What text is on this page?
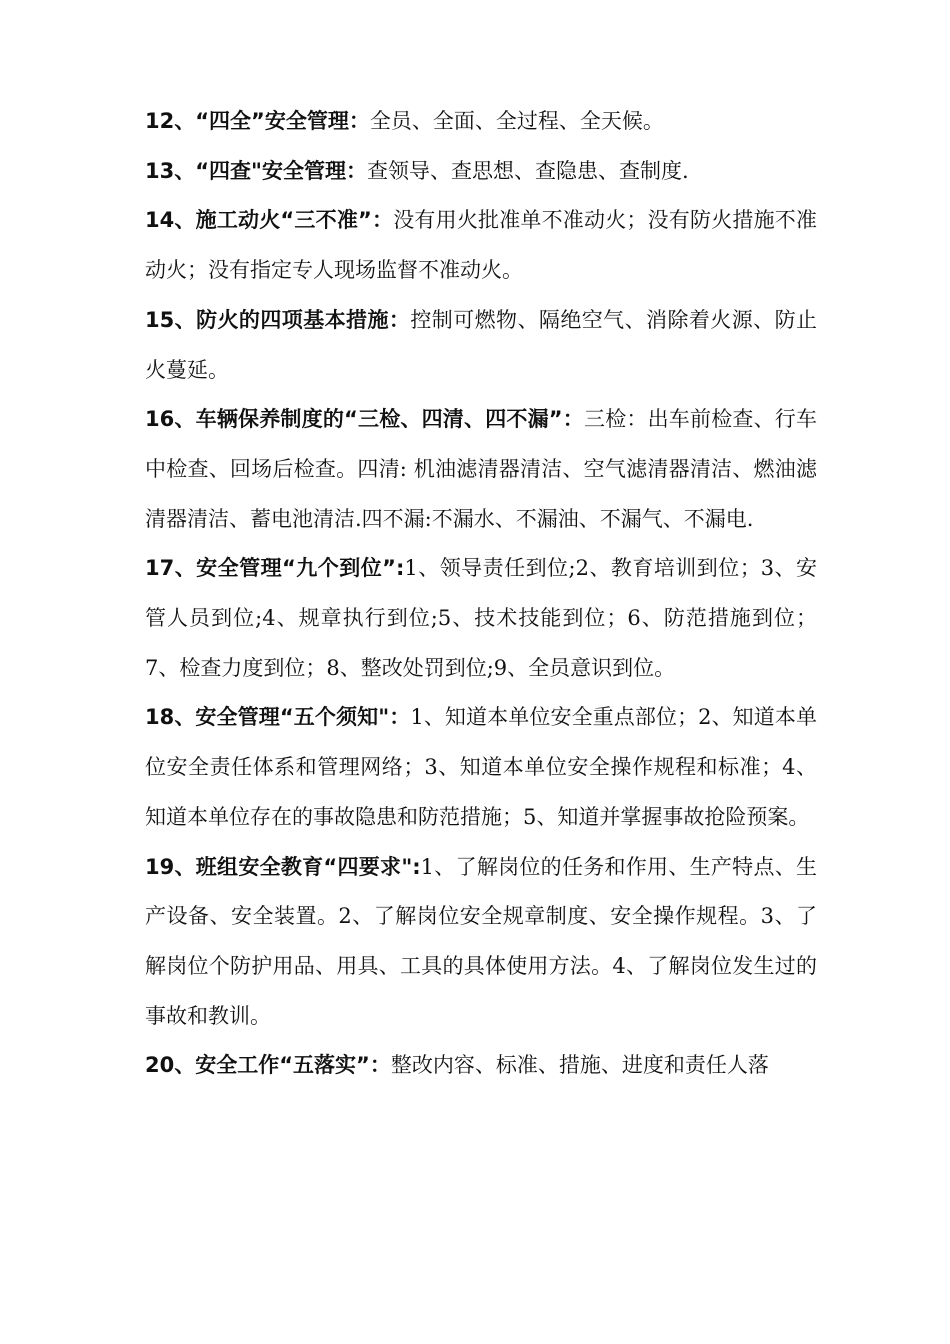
12、“四全”安全管理：全员、全面、全过程、全天候。

13、“四查"安全管理：查领导、查思想、查隐患、查制度.

14、施工动火“三不准”：没有用火批准单不准动火；没有防火措施不准动火；没有指定专人现场监督不准动火。

15、防火的四项基本措施：控制可燃物、隔绝空气、消除着火源、防止火蔓延。

16、车辆保养制度的“三检、四清、四不漏”：三检：出车前检查、行车中检查、回场后检查。四清: 机油滤清器清洁、空气滤清器清洁、燃油滤清器清洁、蓄电池清洁.四不漏:不漏水、不漏油、不漏气、不漏电.

17、安全管理“九个到位”:1、领导责任到位;2、教育培训到位；3、安管人员到位;4、规章执行到位;5、技术技能到位；6、防范措施到位；7、检查力度到位；8、整改处罚到位;9、全员意识到位。

18、安全管理“五个须知"：1、知道本单位安全重点部位；2、知道本单位安全责任体系和管理网络；3、知道本单位安全操作规程和标准；4、知道本单位存在的事故隐患和防范措施；5、知道并掌握事故抢险预案。

19、班组安全教育“四要求":1、了解岗位的任务和作用、生产特点、生产设备、安全装置。2、了解岗位安全规章制度、安全操作规程。3、了解岗位个防护用品、用具、工具的具体使用方法。4、了解岗位发生过的事故和教训。

20、安全工作“五落实”：整改内容、标准、措施、进度和责任人落
